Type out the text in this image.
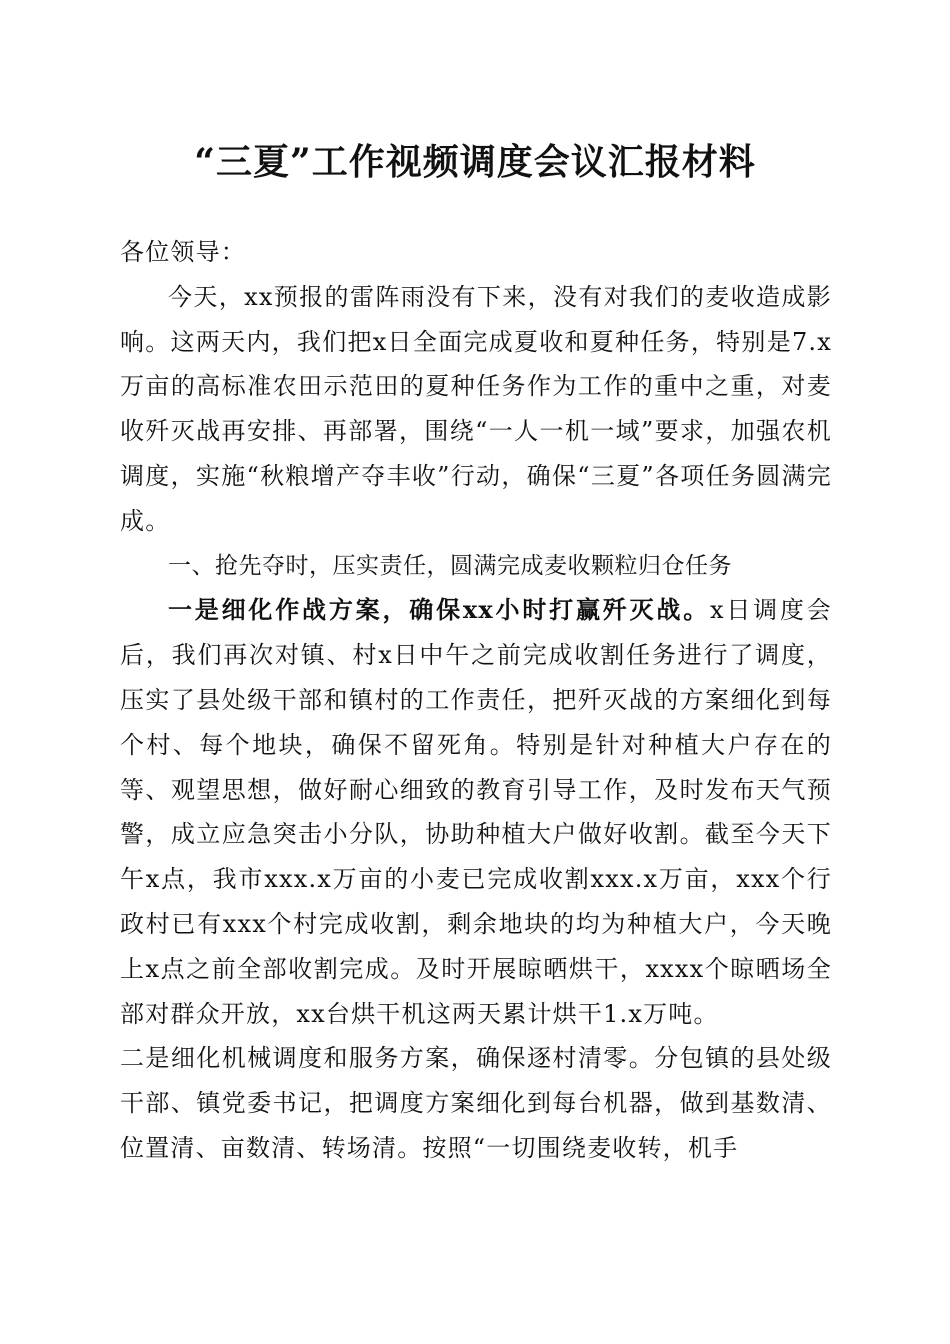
“三夏”工作视频调度会议汇报材料

各位领导：

今天，xx预报的雷阵雨没有下来，没有对我们的麦收造成影响。这两天内，我们把x日全面完成夏收和夏种任务，特别是7.x万亩的高标准农田示范田的夏种任务作为工作的重中之重，对麦收歼灭战再安排、再部署，围绕“一人一机一域”要求，加强农机调度，实施“秋粮增产夺丰收”行动，确保“三夏”各项任务圆满完成。

一、抢先夺时，压实责任，圆满完成麦收颗粒归仓任务

一是细化作战方案，确保xx小时打赢歼灭战。x日调度会后，我们再次对镇、村x日中午之前完成收割任务进行了调度，压实了县处级干部和镇村的工作责任，把歼灭战的方案细化到每个村、每个地块，确保不留死角。特别是针对种植大户存在的等、观望思想，做好耐心细致的教育引导工作，及时发布天气预警，成立应急突击小分队，协助种植大户做好收割。截至今天下午x点，我市xxx.x万亩的小麦已完成收割xxx.x万亩，xxx个行政村已有xxx个村完成收割，剩余地块的均为种植大户，今天晚上x点之前全部收割完成。及时开展晾晒烘干，xxxx个晾晒场全部对群众开放，xx台烘干机这两天累计烘干1.x万吨。

二是细化机械调度和服务方案，确保逐村清零。分包镇的县处级干部、镇党委书记，把调度方案细化到每台机器，做到基数清、位置清、亩数清、转场清。按照“一切围绕麦收转，机手
